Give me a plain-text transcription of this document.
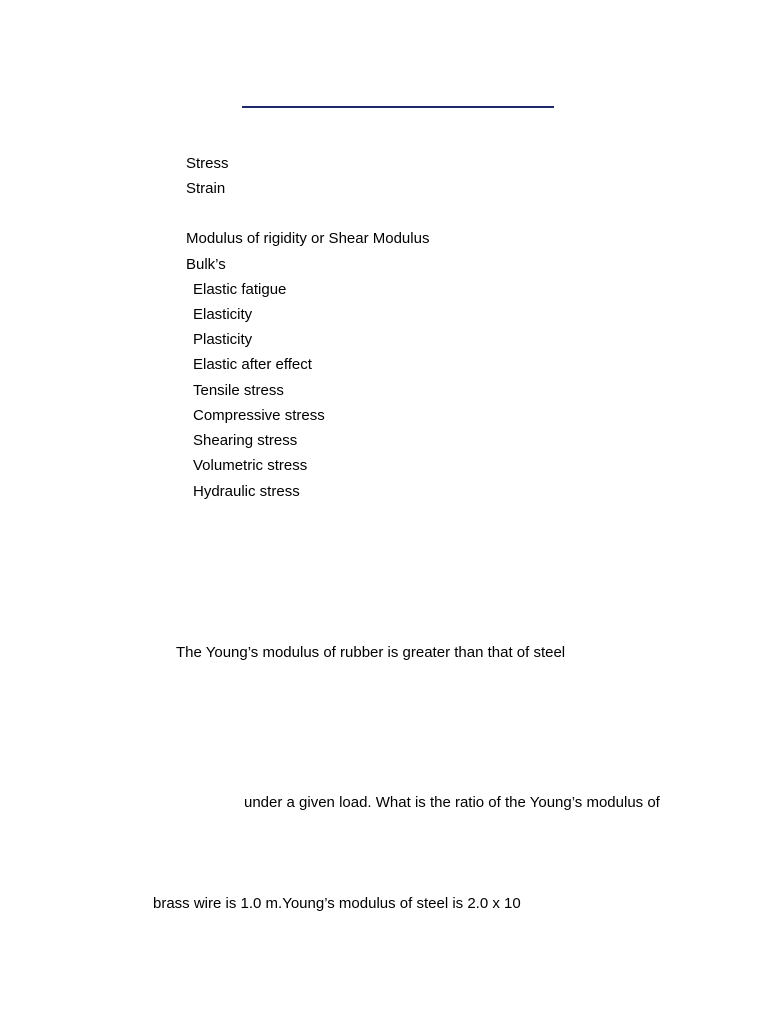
Stress
Strain
Modulus of rigidity or Shear Modulus
Bulk’s
Elastic fatigue
Elasticity
Plasticity
Elastic after effect
Tensile stress
Compressive stress
Shearing stress
Volumetric stress
Hydraulic stress
The Young’s modulus of rubber is greater than that of steel
under a given load. What is the ratio of the Young’s modulus of
brass wire is 1.0 m.Young’s modulus of steel is 2.0 x 10
